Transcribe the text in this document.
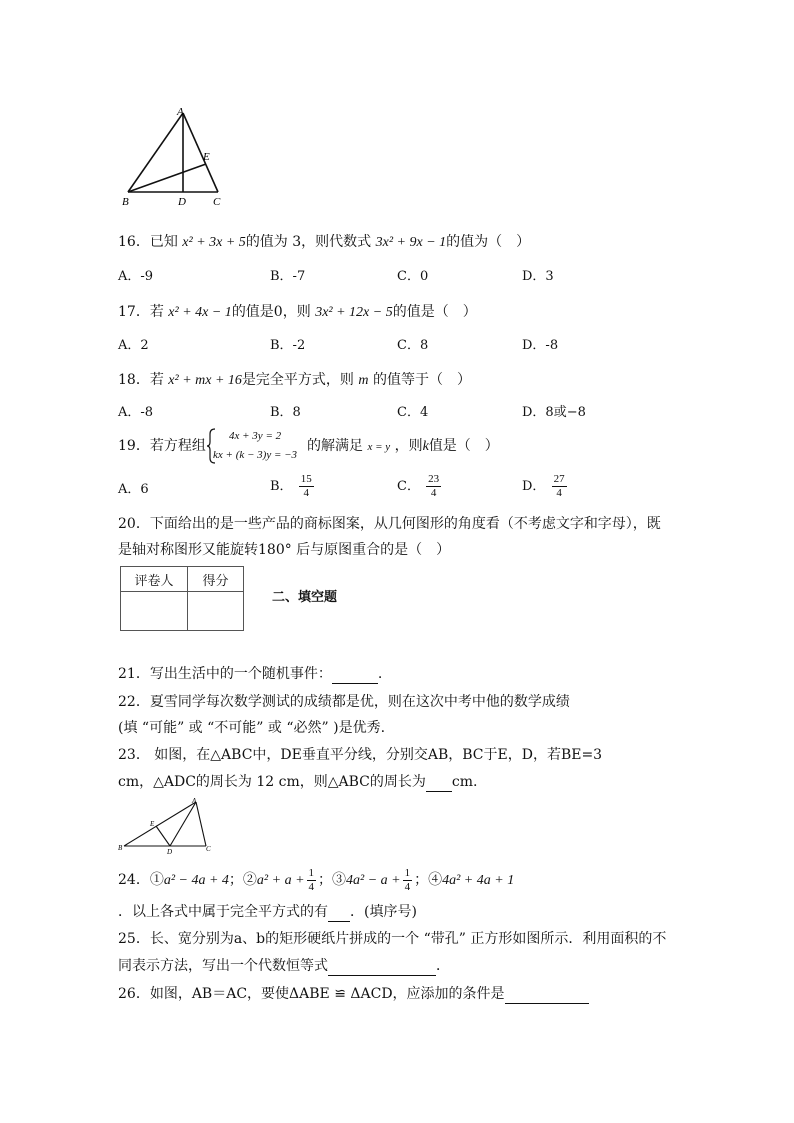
A
E
B	D C
16．已知 x² + 3x + 5的值为 3，则代数式 3x² + 9x − 1的值为（　）
A．-9	B．-7	C．0	D．3
17．若 x² + 4x − 1的值是0，则 3x² + 12x − 5的值是（　）
A．2	B．-2	C．8	D．-8
18．若 x² + mx + 16是完全平方式，则 m 的值等于（　）
A．-8	B．8	C．4	D．8或−8
19．若方程组
4x + 3y = 2
kx + (k − 3)y = −3
的解满足 x = y ，则k值是（　）
A．6	B． $\frac{15}{4}$	C． $\frac{23}{4}$	D． $\frac{27}{4}$
20．下面给出的是一些产品的商标图案，从几何图形的角度看（不考虑文字和字母），既
是轴对称图形又能旋转180° 后与原图重合的是（　）
评卷人	得分

二、填空题
21．写出生活中的一个随机事件：	.
22．夏雪同学每次数学测试的成绩都是优，则在这次中考中他的数学成绩
(填 “可能” 或 “不可能” 或 “必然” )是优秀.
23． 如图，在△ABC中，DE垂直平分线，分别交AB，BC于E，D，若BE=3
cm，△ADC的周长为 12 cm，则△ABC的周长为 cm.
A
E
B	D	C
24．①a² − 4a + 4；②a² + $a + \frac{1}{4}$ ；③4a² − $a + \frac{1}{4}$ ；④4a² + 4a + 1
．以上各式中属于完全平方式的有 ．(填序号)
25．长、宽分别为a、b的矩形硬纸片拼成的一个 “带孔” 正方形如图所示．利用面积的不
同表示方法，写出一个代数恒等式	．
26．如图，AB＝AC，要使ΔABE ≌ ΔACD，应添加的条件是
